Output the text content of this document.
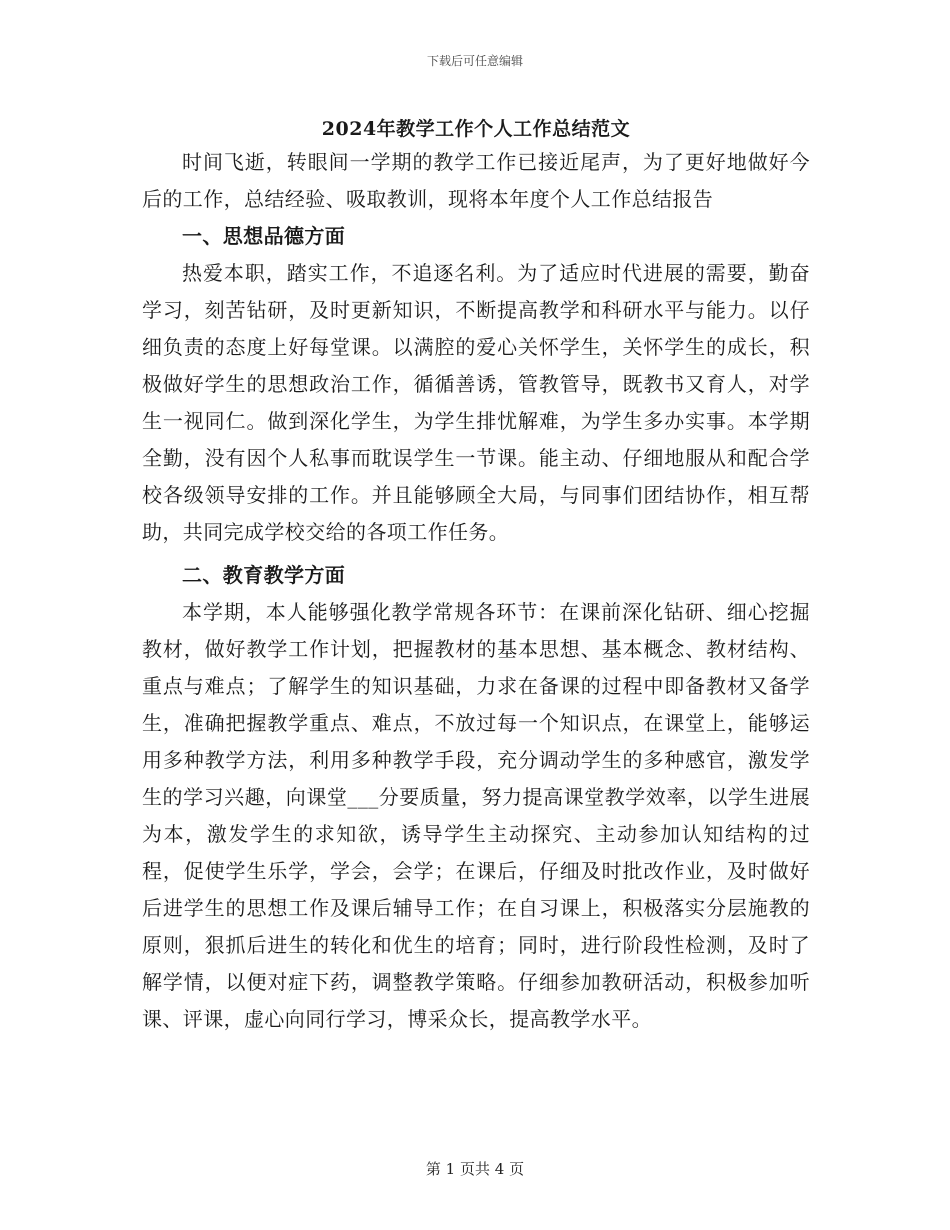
下载后可任意编辑
2024年教学工作个人工作总结范文

时间飞逝，转眼间一学期的教学工作已接近尾声，为了更好地做好今后的工作，总结经验、吸取教训，现将本年度个人工作总结报告

一、思想品德方面

热爱本职，踏实工作，不追逐名利。为了适应时代进展的需要，勤奋学习，刻苦钻研，及时更新知识，不断提高教学和科研水平与能力。以仔细负责的态度上好每堂课。以满腔的爱心关怀学生，关怀学生的成长，积极做好学生的思想政治工作，循循善诱，管教管导，既教书又育人，对学生一视同仁。做到深化学生，为学生排忧解难，为学生多办实事。本学期全勤，没有因个人私事而耽误学生一节课。能主动、仔细地服从和配合学校各级领导安排的工作。并且能够顾全大局，与同事们团结协作，相互帮助，共同完成学校交给的各项工作任务。

二、教育教学方面

本学期，本人能够强化教学常规各环节：在课前深化钻研、细心挖掘教材，做好教学工作计划，把握教材的基本思想、基本概念、教材结构、重点与难点；了解学生的知识基础，力求在备课的过程中即备教材又备学生，准确把握教学重点、难点，不放过每一个知识点，在课堂上，能够运用多种教学方法，利用多种教学手段，充分调动学生的多种感官，激发学生的学习兴趣，向课堂___分要质量，努力提高课堂教学效率，以学生进展为本，激发学生的求知欲，诱导学生主动探究、主动参加认知结构的过程，促使学生乐学，学会，会学；在课后，仔细及时批改作业，及时做好后进学生的思想工作及课后辅导工作；在自习课上，积极落实分层施教的原则，狠抓后进生的转化和优生的培育；同时，进行阶段性检测，及时了解学情，以便对症下药，调整教学策略。仔细参加教研活动，积极参加听课、评课，虚心向同行学习，博采众长，提高教学水平。

第 1 页共 4 页
